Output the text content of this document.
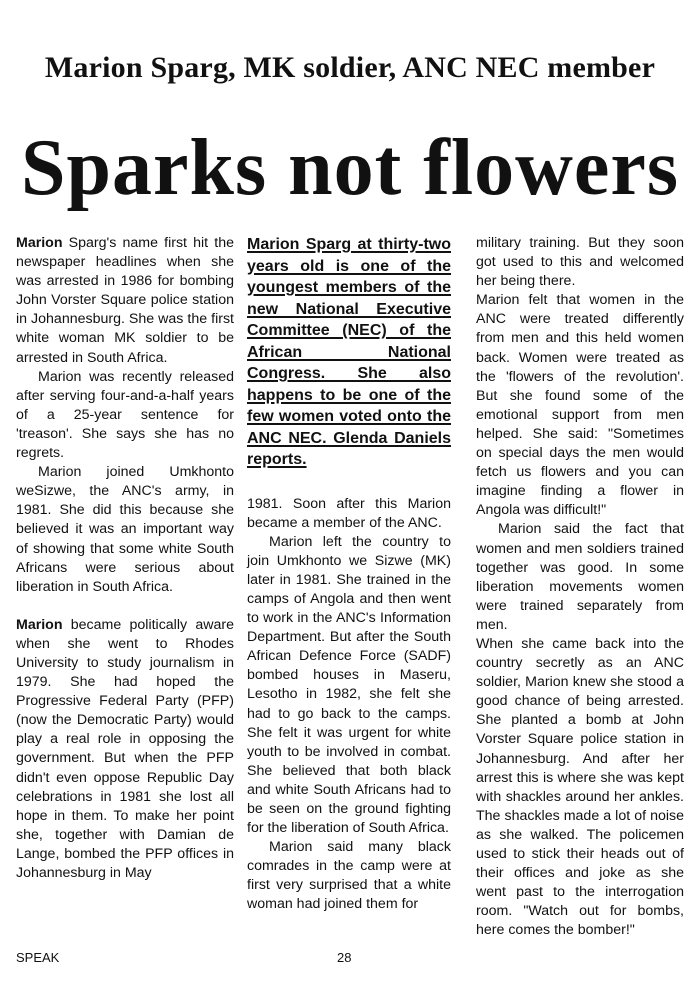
Marion Sparg, MK soldier, ANC NEC member
Sparks not flowers

Marion Sparg's name first hit the newspaper headlines when she was arrested in 1986 for bombing John Vorster Square police station in Johannesburg. She was the first white woman MK soldier to be arrested in South Africa.

Marion was recently released after serving four-and-a-half years of a 25-year sentence for 'treason'. She says she has no regrets.

Marion joined Umkhonto weSizwe, the ANC's army, in 1981. She did this because she believed it was an important way of showing that some white South Africans were serious about liberation in South Africa.

Marion became politically aware when she went to Rhodes University to study journalism in 1979. She had hoped the Progressive Federal Party (PFP) (now the Democratic Party) would play a real role in opposing the government. But when the PFP didn't even oppose Republic Day celebrations in 1981 she lost all hope in them. To make her point she, together with Damian de Lange, bombed the PFP offices in Johannesburg in May

Marion Sparg at thirty-two years old is one of the youngest members of the new National Executive Committee (NEC) of the African National Congress. She also happens to be one of the few women voted onto the ANC NEC. Glenda Daniels reports.

1981. Soon after this Marion became a member of the ANC.

Marion left the country to join Umkhonto we Sizwe (MK) later in 1981. She trained in the camps of Angola and then went to work in the ANC's Information Department. But after the South African Defence Force (SADF) bombed houses in Maseru, Lesotho in 1982, she felt she had to go back to the camps. She felt it was urgent for white youth to be involved in combat. She believed that both black and white South Africans had to be seen on the ground fighting for the liberation of South Africa.

Marion said many black comrades in the camp were at first very surprised that a white woman had joined them for

military training. But they soon got used to this and welcomed her being there.

Marion felt that women in the ANC were treated differently from men and this held women back. Women were treated as the 'flowers of the revolution'. But she found some of the emotional support from men helped. She said: "Sometimes on special days the men would fetch us flowers and you can imagine finding a flower in Angola was difficult!"

Marion said the fact that women and men soldiers trained together was good. In some liberation movements women were trained separately from men.

When she came back into the country secretly as an ANC soldier, Marion knew she stood a good chance of being arrested. She planted a bomb at John Vorster Square police station in Johannesburg. And after her arrest this is where she was kept with shackles around her ankles. The shackles made a lot of noise as she walked. The policemen used to stick their heads out of their offices and joke as she went past to the interrogation room. "Watch out for bombs, here comes the bomber!"

SPEAK	28
